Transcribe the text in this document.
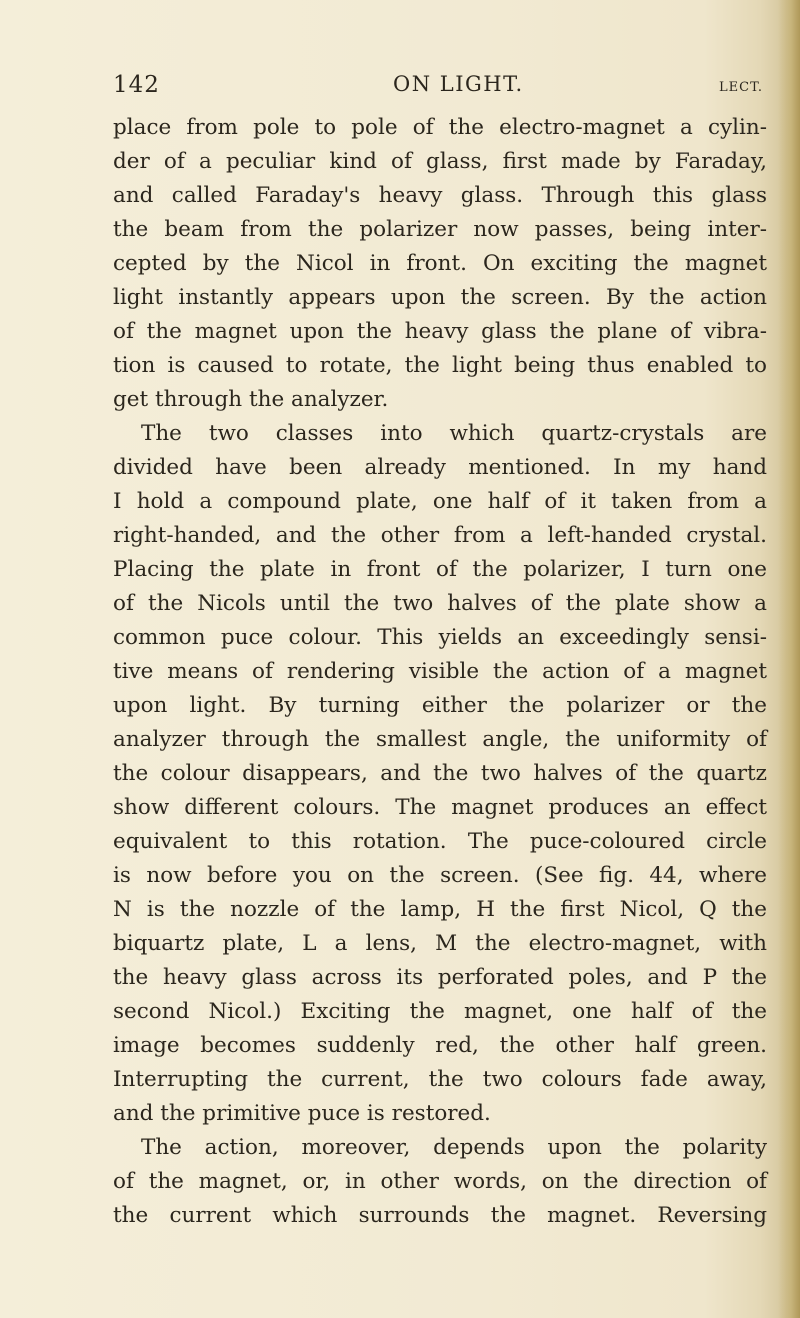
142	ON LIGHT.	LECT.
place from pole to pole of the electro-magnet a cylin-
der of a peculiar kind of glass, first made by Faraday,
and called Faraday's heavy glass. Through this glass
the beam from the polarizer now passes, being inter-
cepted by the Nicol in front. On exciting the magnet
light instantly appears upon the screen. By the action
of the magnet upon the heavy glass the plane of vibra-
tion is caused to rotate, the light being thus enabled to
get through the analyzer.
The two classes into which quartz-crystals are
divided have been already mentioned. In my hand
I hold a compound plate, one half of it taken from a
right-handed, and the other from a left-handed crystal.
Placing the plate in front of the polarizer, I turn one
of the Nicols until the two halves of the plate show a
common puce colour. This yields an exceedingly sensi-
tive means of rendering visible the action of a magnet
upon light. By turning either the polarizer or the
analyzer through the smallest angle, the uniformity of
the colour disappears, and the two halves of the quartz
show different colours. The magnet produces an effect
equivalent to this rotation. The puce-coloured circle
is now before you on the screen. (See fig. 44, where
N is the nozzle of the lamp, H the first Nicol, Q the
biquartz plate, L a lens, M the electro-magnet, with
the heavy glass across its perforated poles, and P the
second Nicol.) Exciting the magnet, one half of the
image becomes suddenly red, the other half green.
Interrupting the current, the two colours fade away,
and the primitive puce is restored.
The action, moreover, depends upon the polarity
of the magnet, or, in other words, on the direction of
the current which surrounds the magnet. Reversing
